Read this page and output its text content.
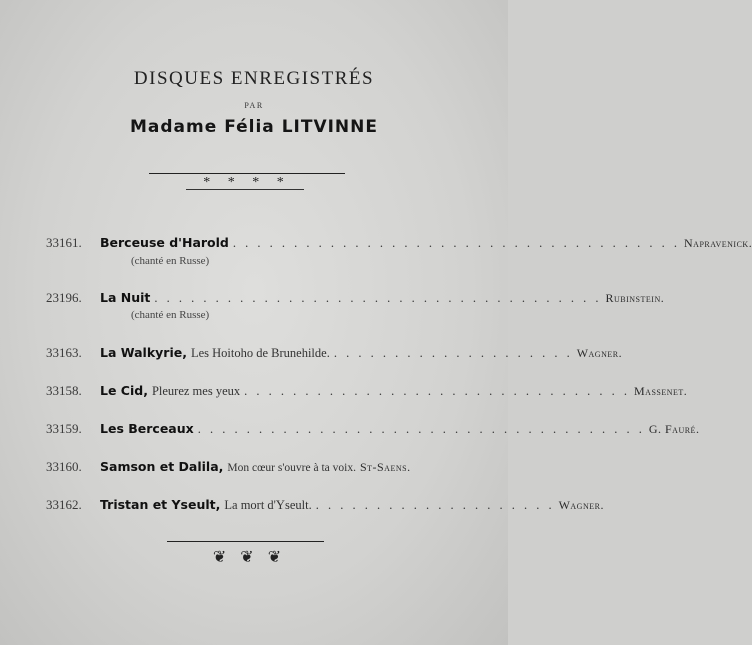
DISQUES ENREGISTRÉS
PAR
Madame Félia LITVINNE
* * * *
33161.	Berceuse d'Harold . . . . . . . . . . . . . . . . . . . . . . . . . . . . . . . . . . . . . Napravenick.
(chanté en Russe)
23196.	La Nuit . . . . . . . . . . . . . . . . . . . . . . . . . . . . . . . . . . . . . Rubinstein.
(chanté en Russe)
33163.	La Walkyrie, Les Hoitoho de Brunehilde. . . . . . . . . . . . . . . . . . . . . Wagner.
33158.	Le Cid, Pleurez mes yeux . . . . . . . . . . . . . . . . . . . . . . . . . . . . . . . . Massenet.
33159.	Les Berceaux . . . . . . . . . . . . . . . . . . . . . . . . . . . . . . . . . . . . . G. Fauré.
33160.	Samson et Dalila, Mon cœur s'ouvre à ta voix. St-Saens.
33162.	Tristan et Yseult, La mort d'Yseult. . . . . . . . . . . . . . . . . . . . . Wagner.
❦❦❦
